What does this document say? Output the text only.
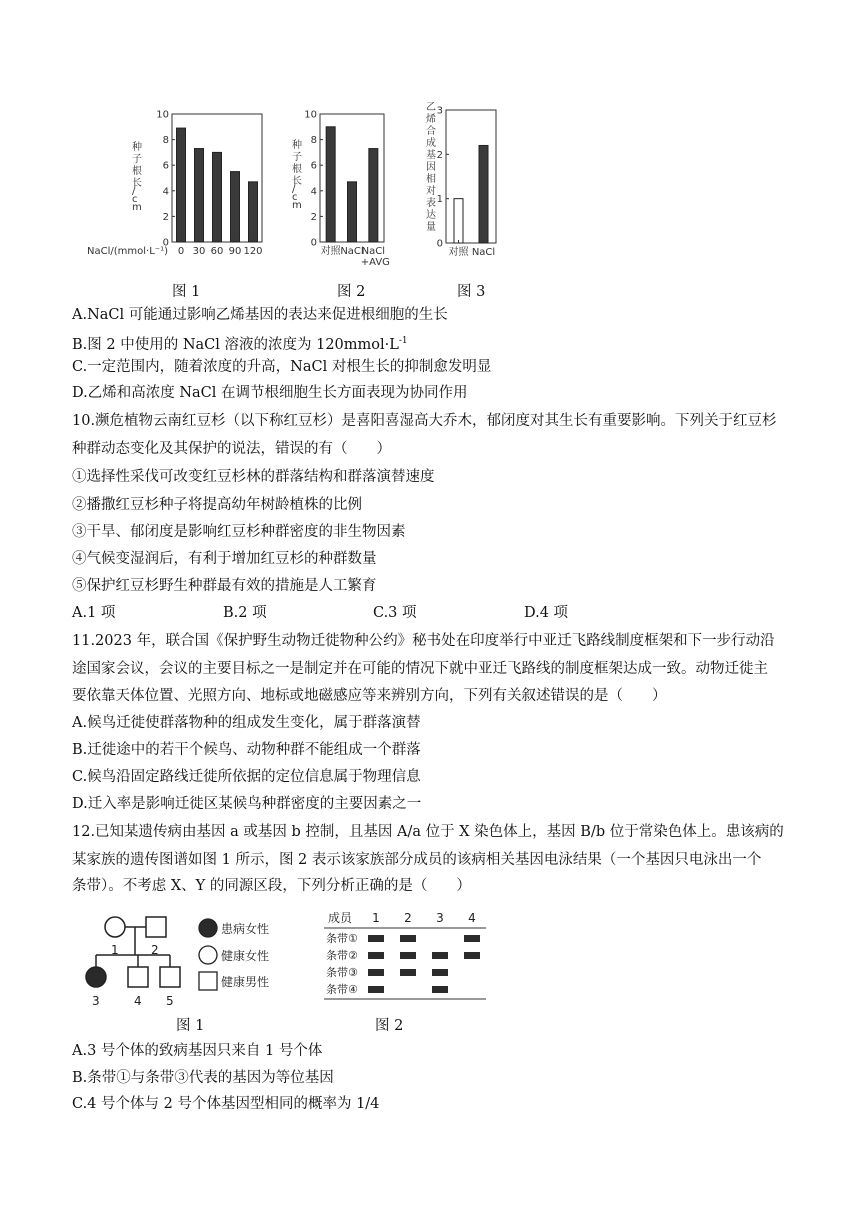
0
2
4
6
8
10
种子根长/ c m
0 30 60 90 120
NaCl/(mmol·L⁻¹)
0
2
4
6
8
10
种子根长/ c m
对照 NaCl
NaCl
+AVG
0
1
2
3
乙烯合成基因相对表达量
对照 NaCl
图 1	图 2	图 3
A.NaCl 可能通过影响乙烯基因的表达来促进根细胞的生长
B.图 2 中使用的 NaCl 溶液的浓度为 $120mmol\cdot L^{-1}$
C.一定范围内，随着浓度的升高，NaCl 对根生长的抑制愈发明显
D.乙烯和高浓度 NaCl 在调节根细胞生长方面表现为协同作用
10.濒危植物云南红豆杉（以下称红豆杉）是喜阳喜湿高大乔木，郁闭度对其生长有重要影响。下列关于红豆杉
种群动态变化及其保护的说法，错误的有（　　）
①选择性采伐可改变红豆杉林的群落结构和群落演替速度
②播撒红豆杉种子将提高幼年树龄植株的比例
③干旱、郁闭度是影响红豆杉种群密度的非生物因素
④气候变湿润后，有利于增加红豆杉的种群数量
⑤保护红豆杉野生种群最有效的措施是人工繁育
A.1 项	B.2 项	C.3 项	D.4 项
11.2023 年，联合国《保护野生动物迁徙物种公约》秘书处在印度举行中亚迁飞路线制度框架和下一步行动沿
途国家会议，会议的主要目标之一是制定并在可能的情况下就中亚迁飞路线的制度框架达成一致。动物迁徙主
要依靠天体位置、光照方向、地标或地磁感应等来辨别方向，下列有关叙述错误的是（　　）
A.候鸟迁徙使群落物种的组成发生变化，属于群落演替
B.迁徙途中的若干个候鸟、动物种群不能组成一个群落
C.候鸟沿固定路线迁徙所依据的定位信息属于物理信息
D.迁入率是影响迁徙区某候鸟种群密度的主要因素之一
12.已知某遗传病由基因 a 或基因 b 控制，且基因 A/a 位于 X 染色体上，基因 B/b 位于常染色体上。患该病的
某家族的遗传图谱如图 1 所示，图 2 表示该家族部分成员的该病相关基因电泳结果（一个基因只电泳出一个
条带）。不考虑 X、Y 的同源区段，下列分析正确的是（　　）
1	2
3	4 5
患病女性
健康女性
健康男性
成员 1 2 3 4
条带①
条带②
条带③
条带④
图 1	图 2
A.3 号个体的致病基因只来自 1 号个体
B.条带①与条带③代表的基因为等位基因
C.4 号个体与 2 号个体基因型相同的概率为 1/4
